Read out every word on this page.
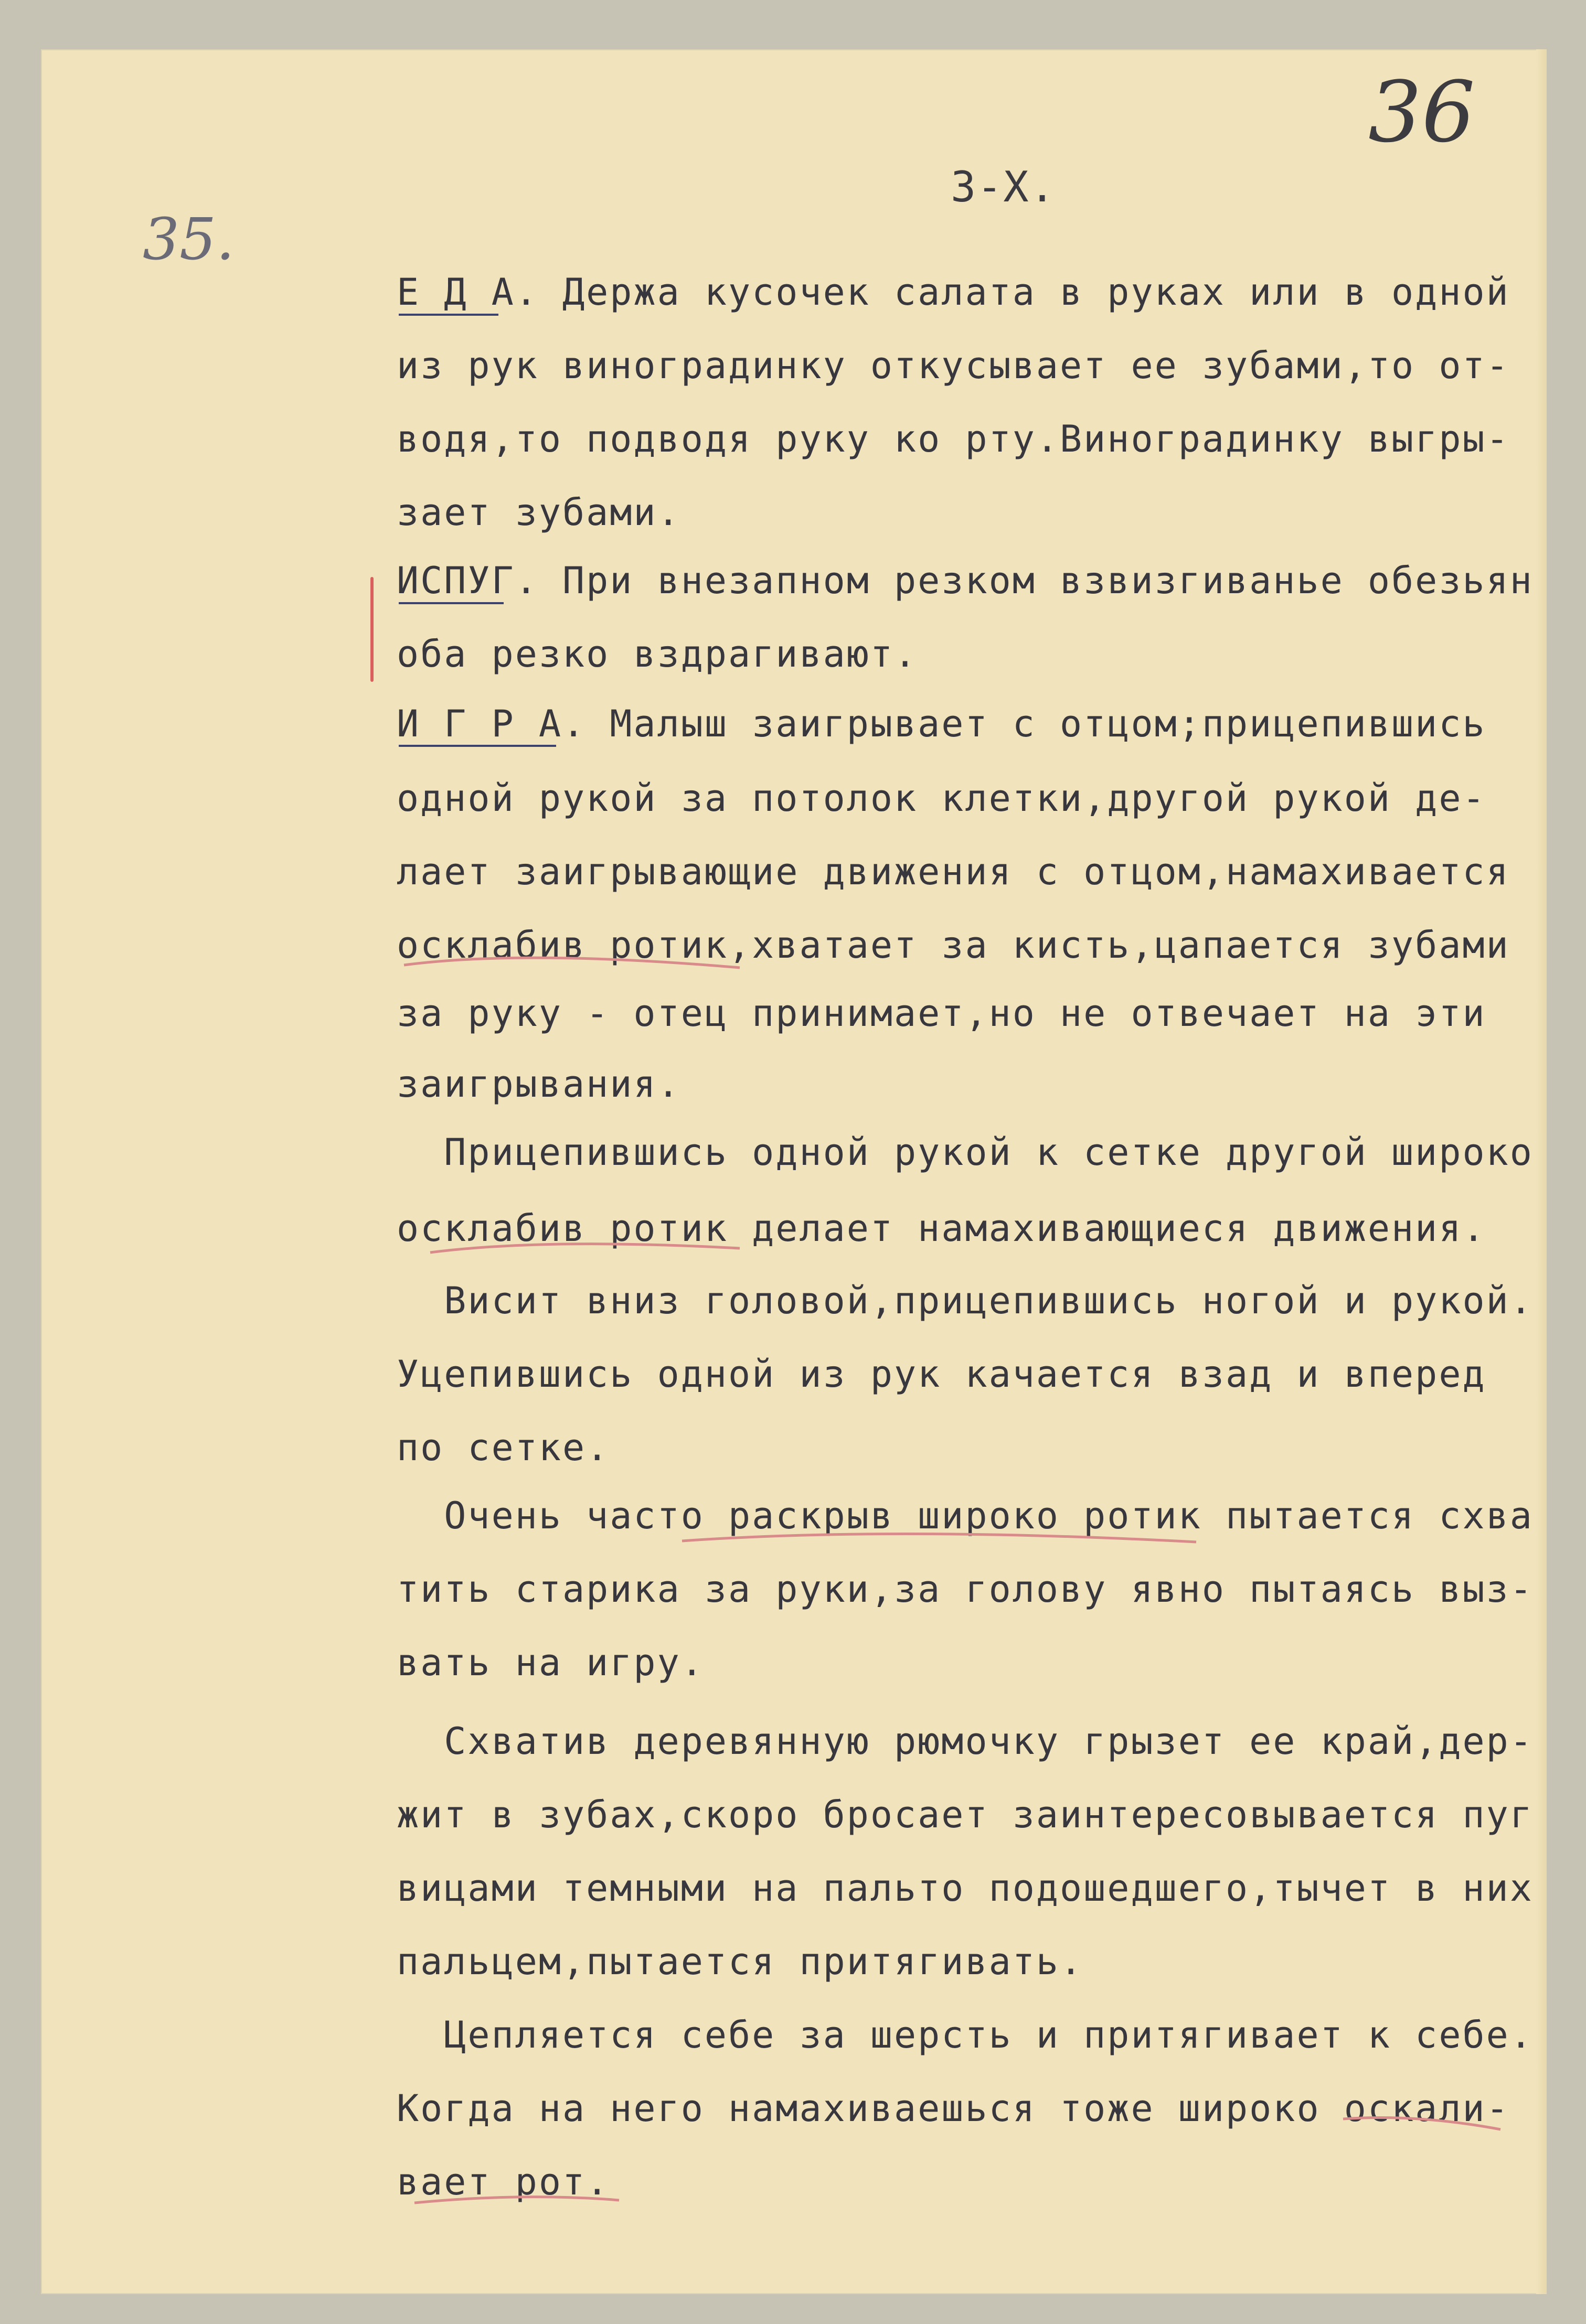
36
35.
3-X.
Е Д А. Держа кусочек салата в руках или в одной
из рук виноградинку откусывает ее зубами,то от-
водя,то подводя руку ко рту.Виноградинку выгры-
зает зубами.
ИСПУГ. При внезапном резком взвизгиванье обезьян
оба резко вздрагивают.
И Г Р А. Малыш заигрывает с отцом;прицепившись
одной рукой за потолок клетки,другой рукой де-
лает заигрывающие движения с отцом,намахивается
осклабив ротик,хватает за кисть,цапается зубами
за руку - отец принимает,но не отвечает на эти
заигрывания.
Прицепившись одной рукой к сетке другой широко
осклабив ротик делает намахивающиеся движения.
Висит вниз головой,прицепившись ногой и рукой.
Уцепившись одной из рук качается взад и вперед
по сетке.
Очень часто раскрыв широко ротик пытается схва
тить старика за руки,за голову явно пытаясь выз-
вать на игру.
Схватив деревянную рюмочку грызет ее край,дер-
жит в зубах,скоро бросает заинтересовывается пуг
вицами темными на пальто подошедшего,тычет в них
пальцем,пытается притягивать.
Цепляется себе за шерсть и притягивает к себе.
Когда на него намахиваешься тоже широко оскали-
вает рот.
